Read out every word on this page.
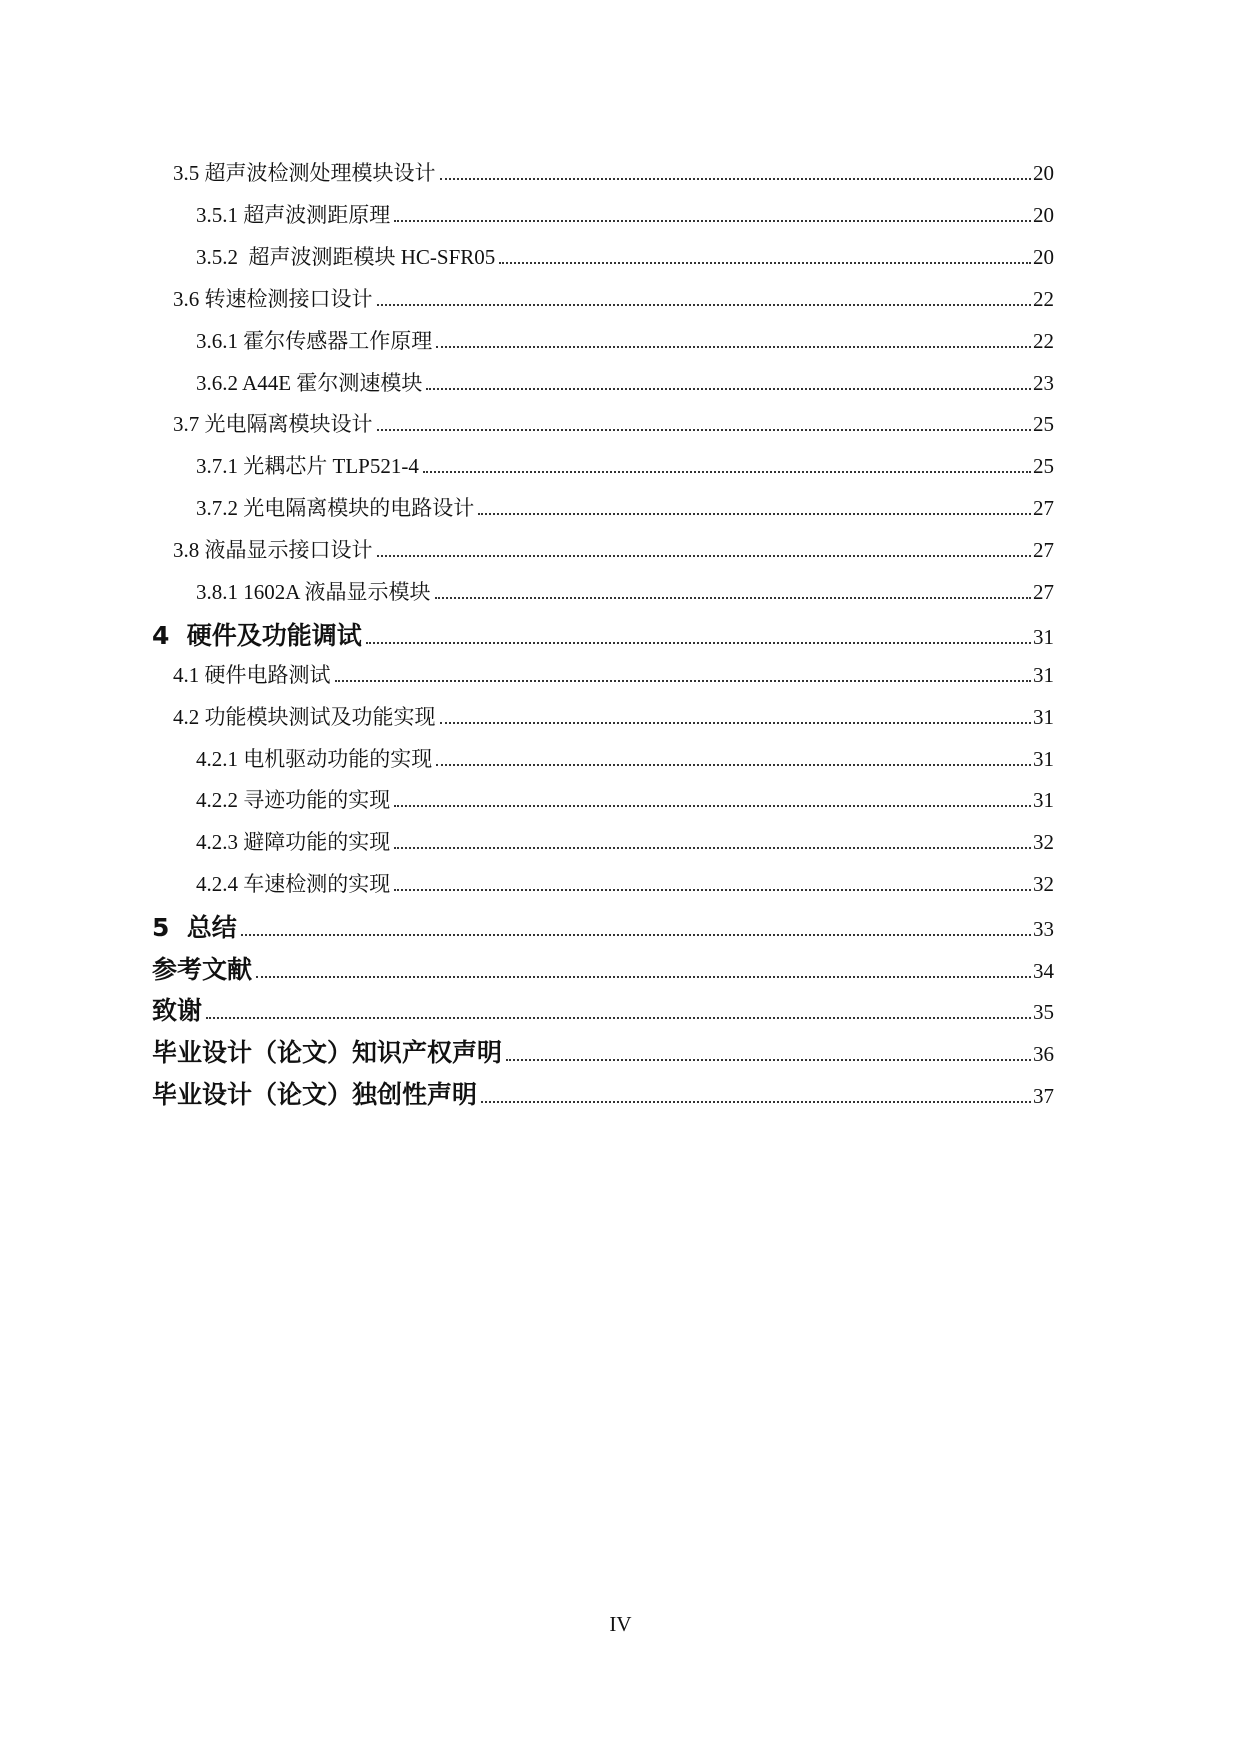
3.5 超声波检测处理模块设计	20
3.5.1 超声波测距原理	20
3.5.2  超声波测距模块 HC-SFR05	20
3.6 转速检测接口设计	22
3.6.1 霍尔传感器工作原理	22
3.6.2 A44E 霍尔测速模块	23
3.7 光电隔离模块设计	25
3.7.1 光耦芯片 TLP521-4	25
3.7.2 光电隔离模块的电路设计	27
3.8 液晶显示接口设计	27
3.8.1 1602A 液晶显示模块	27
4  硬件及功能调试	31
4.1 硬件电路测试	31
4.2 功能模块测试及功能实现	31
4.2.1 电机驱动功能的实现	31
4.2.2 寻迹功能的实现	31
4.2.3 避障功能的实现	32
4.2.4 车速检测的实现	32
5  总结	33
参考文献	34
致谢	35
毕业设计（论文）知识产权声明	36
毕业设计（论文）独创性声明	37
IV
